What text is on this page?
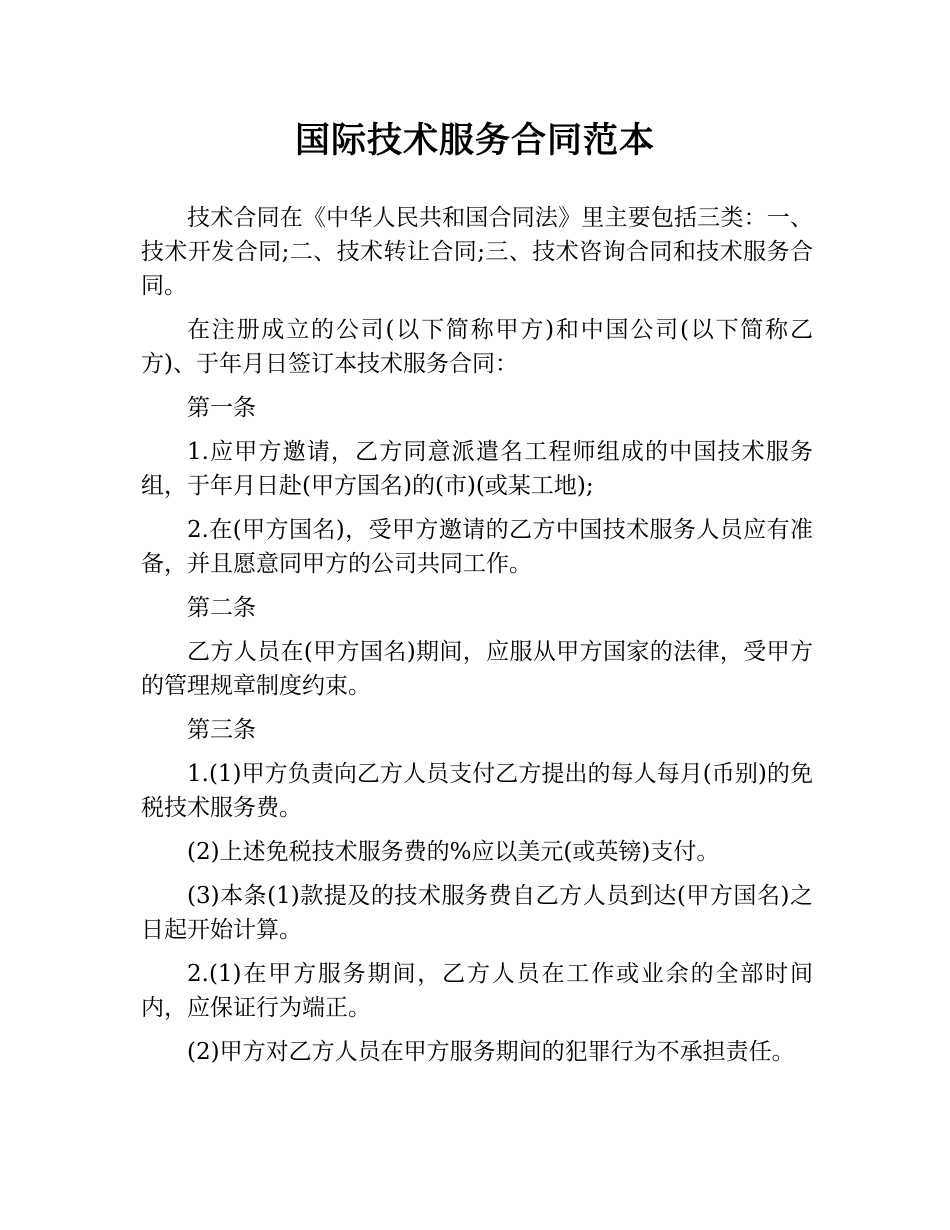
国际技术服务合同范本

技术合同在《中华人民共和国合同法》里主要包括三类：一、技术开发合同;二、技术转让合同;三、技术咨询合同和技术服务合同。

在注册成立的公司(以下简称甲方)和中国公司(以下简称乙方)、于年月日签订本技术服务合同：

第一条

1.应甲方邀请，乙方同意派遣名工程师组成的中国技术服务组，于年月日赴(甲方国名)的(市)(或某工地);

2.在(甲方国名)，受甲方邀请的乙方中国技术服务人员应有准备，并且愿意同甲方的公司共同工作。

第二条

乙方人员在(甲方国名)期间，应服从甲方国家的法律，受甲方的管理规章制度约束。

第三条

1.(1)甲方负责向乙方人员支付乙方提出的每人每月(币别)的免税技术服务费。

(2)上述免税技术服务费的%应以美元(或英镑)支付。

(3)本条(1)款提及的技术服务费自乙方人员到达(甲方国名)之日起开始计算。

2.(1)在甲方服务期间，乙方人员在工作或业余的全部时间内，应保证行为端正。

(2)甲方对乙方人员在甲方服务期间的犯罪行为不承担责任。
